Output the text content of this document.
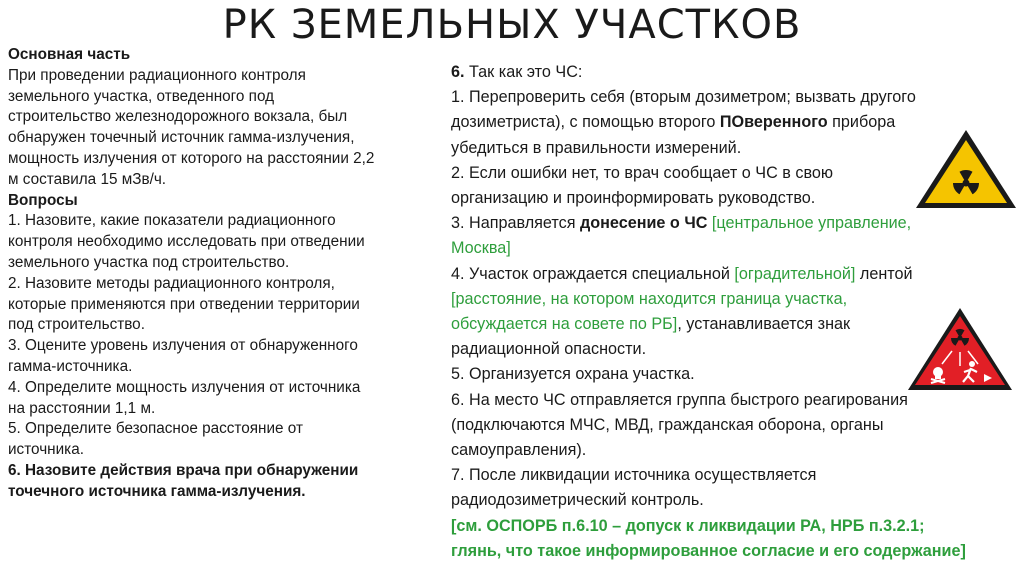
РК ЗЕМЕЛЬНЫХ УЧАСТКОВ
Основная часть
При проведении радиационного контроля
земельного участка, отведенного под
строительство железнодорожного вокзала, был
обнаружен точечный источник гамма-излучения,
мощность излучения от которого на расстоянии 2,2
м составила 15 мЗв/ч.
Вопросы
1. Назовите, какие показатели радиационного
контроля необходимо исследовать при отведении
земельного участка под строительство.
2. Назовите методы радиационного контроля,
которые применяются при отведении территории
под строительство.
3. Оцените уровень излучения от обнаруженного
гамма-источника.
4. Определите мощность излучения от источника
на расстоянии 1,1 м.
5. Определите безопасное расстояние от
источника.
6. Назовите действия врача при обнаружении
точечного источника гамма-излучения.
6. Так как это ЧС:
1. Перепроверить себя (вторым дозиметром; вызвать другого
дозиметриста), с помощью второго ПОверенного прибора
убедиться в правильности измерений.
2. Если ошибки нет, то врач сообщает о ЧС в свою
организацию и проинформировать руководство.
3. Направляется донесение о ЧС [центральное управление,
Москва]
4. Участок ограждается специальной [оградительной] лентой
[расстояние, на котором находится граница участка,
обсуждается на совете по РБ], устанавливается знак
радиационной опасности.
5. Организуется охрана участка.
6. На место ЧС отправляется группа быстрого реагирования
(подключаются МЧС, МВД, гражданская оборона, органы
самоуправления).
7. После ликвидации источника осуществляется
радиодозиметрический контроль.
[см. ОСПОРБ п.6.10 – допуск к ликвидации РА, НРБ п.3.2.1;
глянь, что такое информированное согласие и его содержание]
